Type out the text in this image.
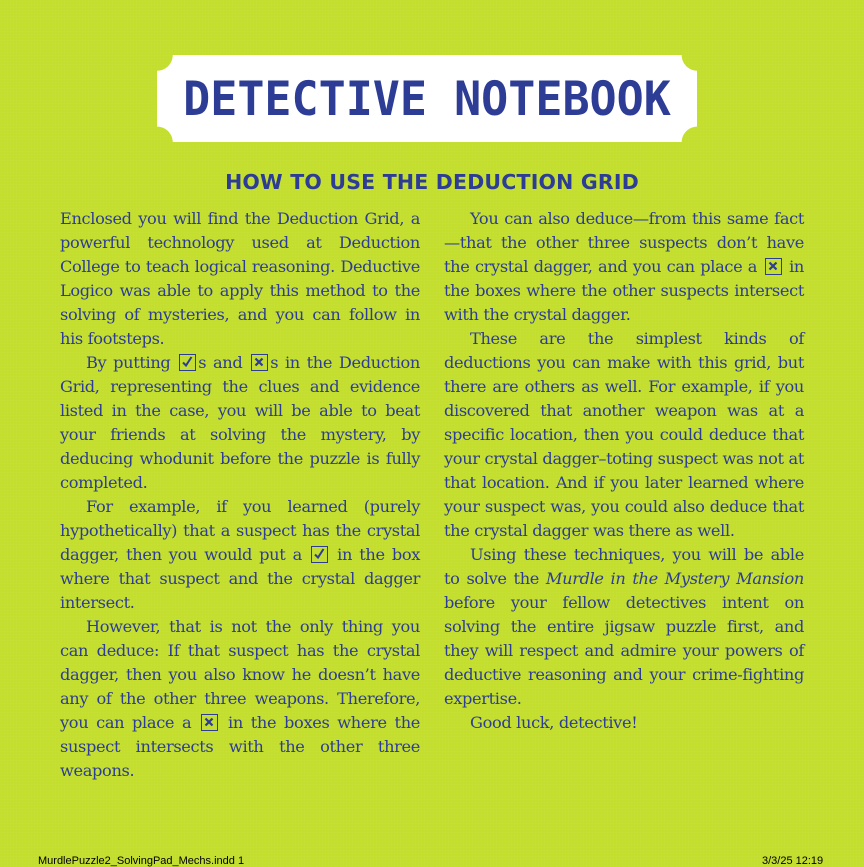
DETECTIVE NOTEBOOK
HOW TO USE THE DEDUCTION GRID

Enclosed you will find the Deduction Grid, a powerful technology used at Deduction College to teach logical reasoning. Deductive Logico was able to apply this method to the solving of mysteries, and you can follow in his footsteps.

By putting
s and
s in the Deduction Grid, representing the clues and evidence listed in the case, you will be able to beat your friends at solving the mystery, by deducing whodunit before the puzzle is fully completed.

For example, if you learned (purely hypothetically) that a suspect has the crystal dagger, then you would put a
in the box where that suspect and the crystal dagger intersect.

However, that is not the only thing you can deduce: If that suspect has the crystal dagger, then you also know he doesn’t have any of the other three weapons. Therefore, you can place a
in the boxes where the suspect intersects with the other three weapons.

You can also deduce—from this same fact—that the other three suspects don’t have the crystal dagger, and you can place a
in the boxes where the other suspects intersect with the crystal dagger.

These are the simplest kinds of deductions you can make with this grid, but there are others as well. For example, if you discovered that another weapon was at a specific location, then you could deduce that your crystal dagger–toting suspect was not at that location. And if you later learned where your suspect was, you could also deduce that the crystal dagger was there as well.

Using these techniques, you will be able to solve the Murdle in the Mystery Mansion before your fellow detectives intent on solving the entire jigsaw puzzle first, and they will respect and admire your powers of deductive reasoning and your crime-fighting expertise.

Good luck, detective!

MurdlePuzzle2_SolvingPad_Mechs.indd 1	3/3/25 12:19
